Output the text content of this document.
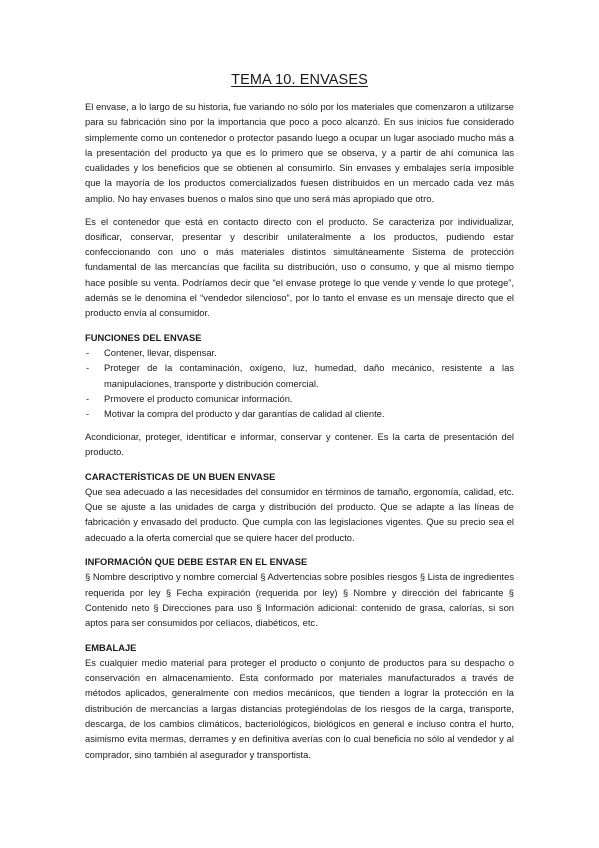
TEMA 10. ENVASES

El envase, a lo largo de su historia, fue variando no sólo por los materiales que comenzaron a utilizarse para su fabricación sino por la importancia que poco a poco alcanzó. En sus inicios fue considerado simplemente como un contenedor o protector pasando luego a ocupar un lugar asociado mucho más a la presentación del producto ya que es lo primero que se observa, y a partir de ahí comunica las cualidades y los beneficios que se obtienen al consumirlo. Sin envases y embalajes sería imposible que la mayoría de los productos comercializados fuesen distribuidos en un mercado cada vez más amplio. No hay envases buenos o malos sino que uno será más apropiado que otro.

Es el contenedor que está en contacto directo con el producto. Se caracteriza por individualizar, dosificar, conservar, presentar y describir unilateralmente a los productos, pudiendo estar confeccionando con uno o más materiales distintos simultáneamente Sistema de protección fundamental de las mercancías que facilita su distribución, uso o consumo, y que al mismo tiempo hace posible su venta. Podríamos decir que “el envase protege lo que vende y vende lo que protege”, además se le denomina el “vendedor silencioso”, por lo tanto el envase es un mensaje directo que el producto envía al consumidor.

FUNCIONES DEL ENVASE
- Contener, llevar, dispensar.
- Proteger de la contaminación, oxígeno, luz, humedad, daño mecánico, resistente a las manipulaciones, transporte y distribución comercial.
- Prmovere el producto comunicar información.
- Motivar la compra del producto y dar garantías de calidad al cliente.

Acondicionar, proteger, identificar e informar, conservar y contener. Es la carta de presentación del producto.

CARACTERÍSTICAS DE UN BUEN ENVASE

Que sea adecuado a las necesidades del consumidor en términos de tamaño, ergonomía, calidad, etc. Que se ajuste a las unidades de carga y distribución del producto. Que se adapte a las líneas de fabricación y envasado del producto. Que cumpla con las legislaciones vigentes. Que su precio sea el adecuado a la oferta comercial que se quiere hacer del producto.

INFORMACIÓN QUE DEBE ESTAR EN EL ENVASE

§ Nombre descriptivo y nombre comercial § Advertencias sobre posibles riesgos § Lista de ingredientes requerida por ley § Fecha expiración (requerida por ley) § Nombre y dirección del fabricante § Contenido neto § Direcciones para uso § Información adicional: contenido de grasa, calorías, si son aptos para ser consumidos por celíacos, diabéticos, etc.

EMBALAJE

Es cualquier medio material para proteger el producto o conjunto de productos para su despacho o conservación en almacenamiento. Esta conformado por materiales manufacturados a través de métodos aplicados, generalmente con medios mecánicos, que tienden a lograr la protección en la distribución de mercancías a largas distancias protegiéndolas de los riesgos de la carga, transporte, descarga, de los cambios climáticos, bacteriológicos, biológicos en general e incluso contra el hurto, asimismo evita mermas, derrames y en definitiva averías con lo cual beneficia no sólo al vendedor y al comprador, sino también al asegurador y transportista.
